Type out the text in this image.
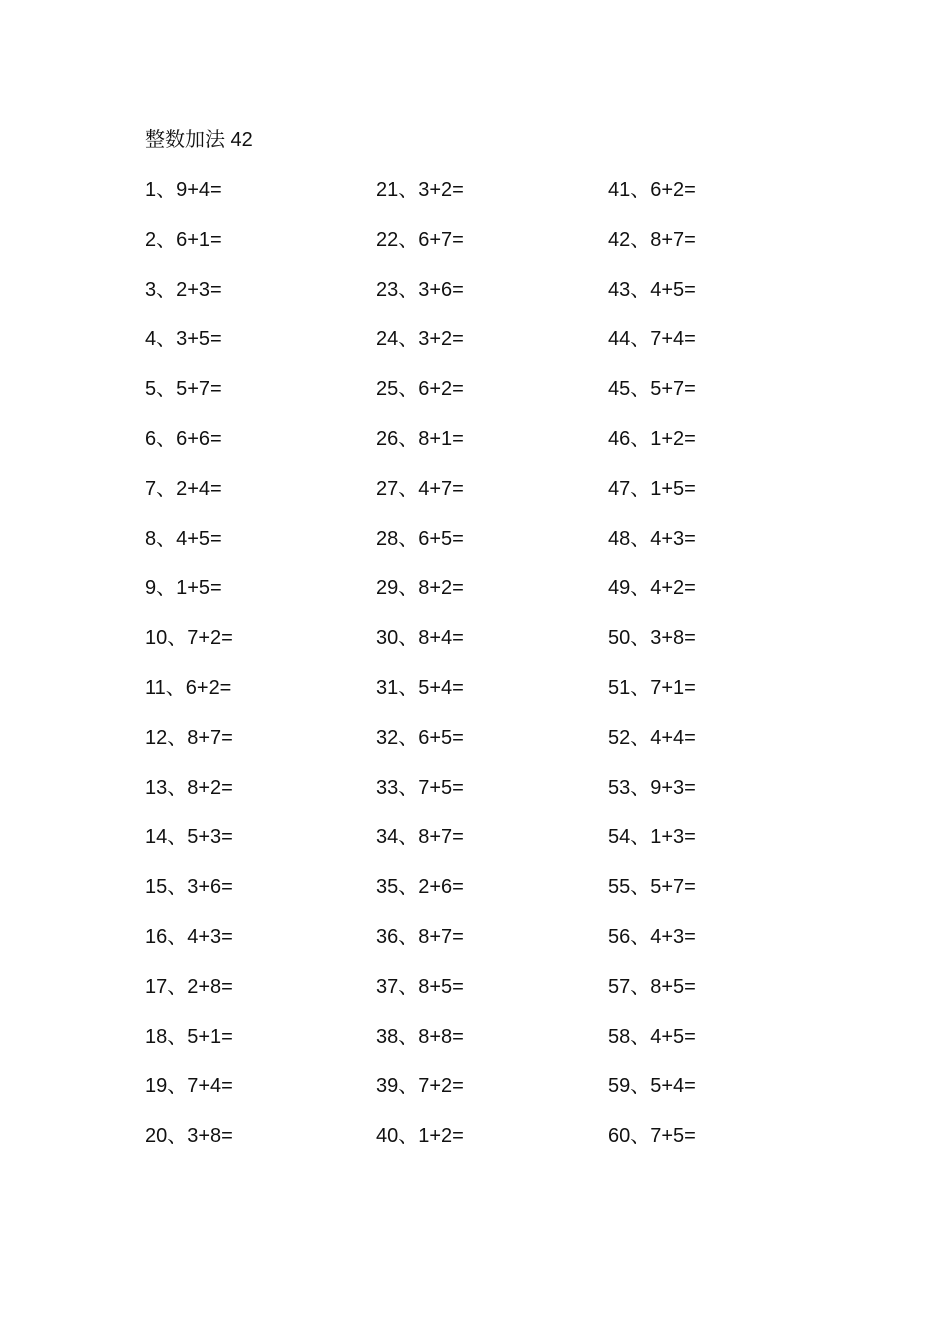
整数加法 42
1、9+4=
2、6+1=
3、2+3=
4、3+5=
5、5+7=
6、6+6=
7、2+4=
8、4+5=
9、1+5=
10、7+2=
11、6+2=
12、8+7=
13、8+2=
14、5+3=
15、3+6=
16、4+3=
17、2+8=
18、5+1=
19、7+4=
20、3+8=
21、3+2=
22、6+7=
23、3+6=
24、3+2=
25、6+2=
26、8+1=
27、4+7=
28、6+5=
29、8+2=
30、8+4=
31、5+4=
32、6+5=
33、7+5=
34、8+7=
35、2+6=
36、8+7=
37、8+5=
38、8+8=
39、7+2=
40、1+2=
41、6+2=
42、8+7=
43、4+5=
44、7+4=
45、5+7=
46、1+2=
47、1+5=
48、4+3=
49、4+2=
50、3+8=
51、7+1=
52、4+4=
53、9+3=
54、1+3=
55、5+7=
56、4+3=
57、8+5=
58、4+5=
59、5+4=
60、7+5=
